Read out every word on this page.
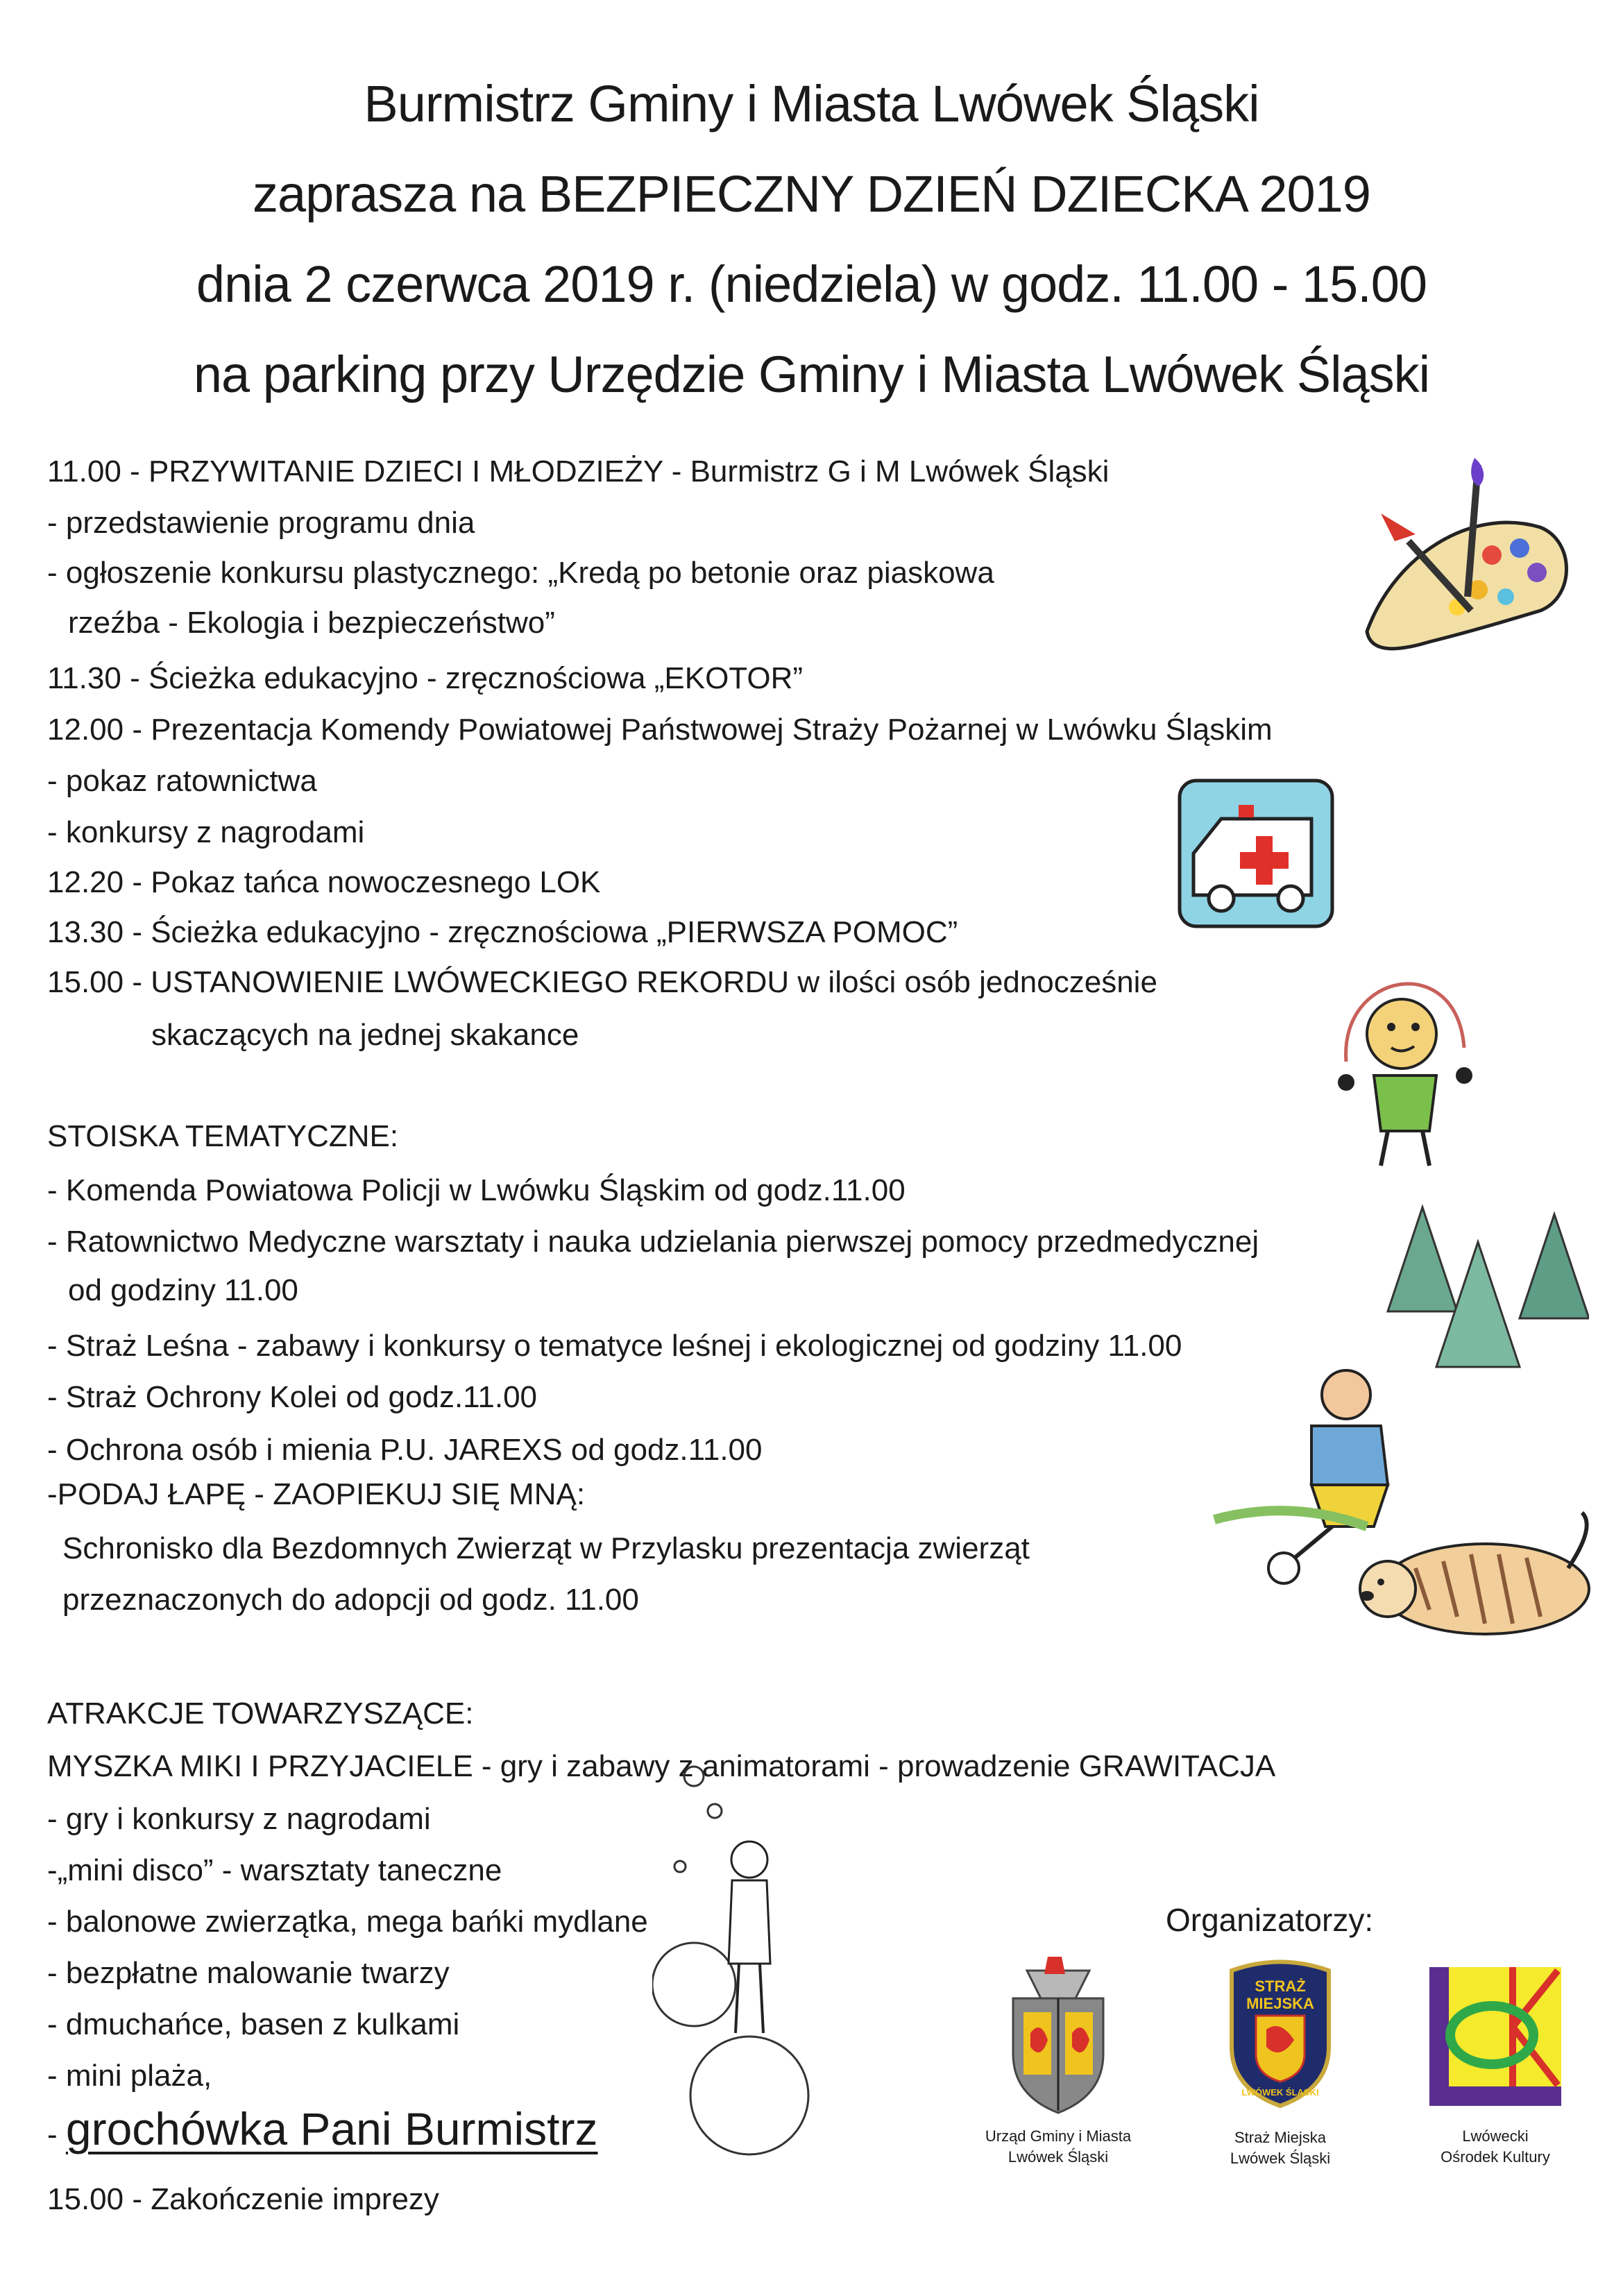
Burmistrz Gminy i Miasta Lwówek Śląski
zaprasza na BEZPIECZNY DZIEŃ DZIECKA 2019
dnia 2 czerwca 2019 r. (niedziela) w godz. 11.00 - 15.00
na parking przy Urzędzie Gminy i Miasta Lwówek Śląski
11.00 - PRZYWITANIE DZIECI I MŁODZIEŻY - Burmistrz G i M Lwówek Śląski
- przedstawienie programu dnia
- ogłoszenie konkursu plastycznego: „Kredą po betonie oraz piaskowa
rzeźba - Ekologia i bezpieczeństwo”
11.30 - Ścieżka edukacyjno - zręcznościowa „EKOTOR”
12.00 - Prezentacja Komendy Powiatowej Państwowej Straży Pożarnej w Lwówku Śląskim
- pokaz ratownictwa
- konkursy z nagrodami
12.20 - Pokaz tańca nowoczesnego LOK
13.30 - Ścieżka edukacyjno - zręcznościowa „PIERWSZA POMOC”
15.00 - USTANOWIENIE LWÓWECKIEGO REKORDU w ilości osób jednocześnie
skaczących na jednej skakance
STOISKA TEMATYCZNE:
- Komenda Powiatowa Policji w Lwówku Śląskim od godz.11.00
- Ratownictwo Medyczne warsztaty i nauka udzielania pierwszej pomocy przedmedycznej
od godziny 11.00
- Straż Leśna - zabawy i konkursy o tematyce leśnej i ekologicznej od godziny 11.00
- Straż Ochrony Kolei od godz.11.00
- Ochrona osób i mienia P.U. JAREXS od godz.11.00
-PODAJ ŁAPĘ - ZAOPIEKUJ SIĘ MNĄ:
Schronisko dla Bezdomnych Zwierząt w Przylasku prezentacja zwierząt
przeznaczonych do adopcji od godz. 11.00
ATRAKCJE TOWARZYSZĄCE:
MYSZKA MIKI I PRZYJACIELE - gry i zabawy z animatorami - prowadzenie GRAWITACJA
- gry i konkursy z nagrodami
-„mini disco” - warsztaty taneczne
- balonowe zwierzątka, mega bańki mydlane
- bezpłatne malowanie twarzy
- dmuchańce, basen z kulkami
- mini plaża,
- grochówka Pani Burmistrz
15.00 - Zakończenie imprezy
Organizatorzy:
Urząd Gminy i Miasta
Lwówek Śląski
STRAŻ
MIEJSKA
LWÓWEK ŚLĄSKI
Straż Miejska
Lwówek Śląski
Lwówecki
Ośrodek Kultury
